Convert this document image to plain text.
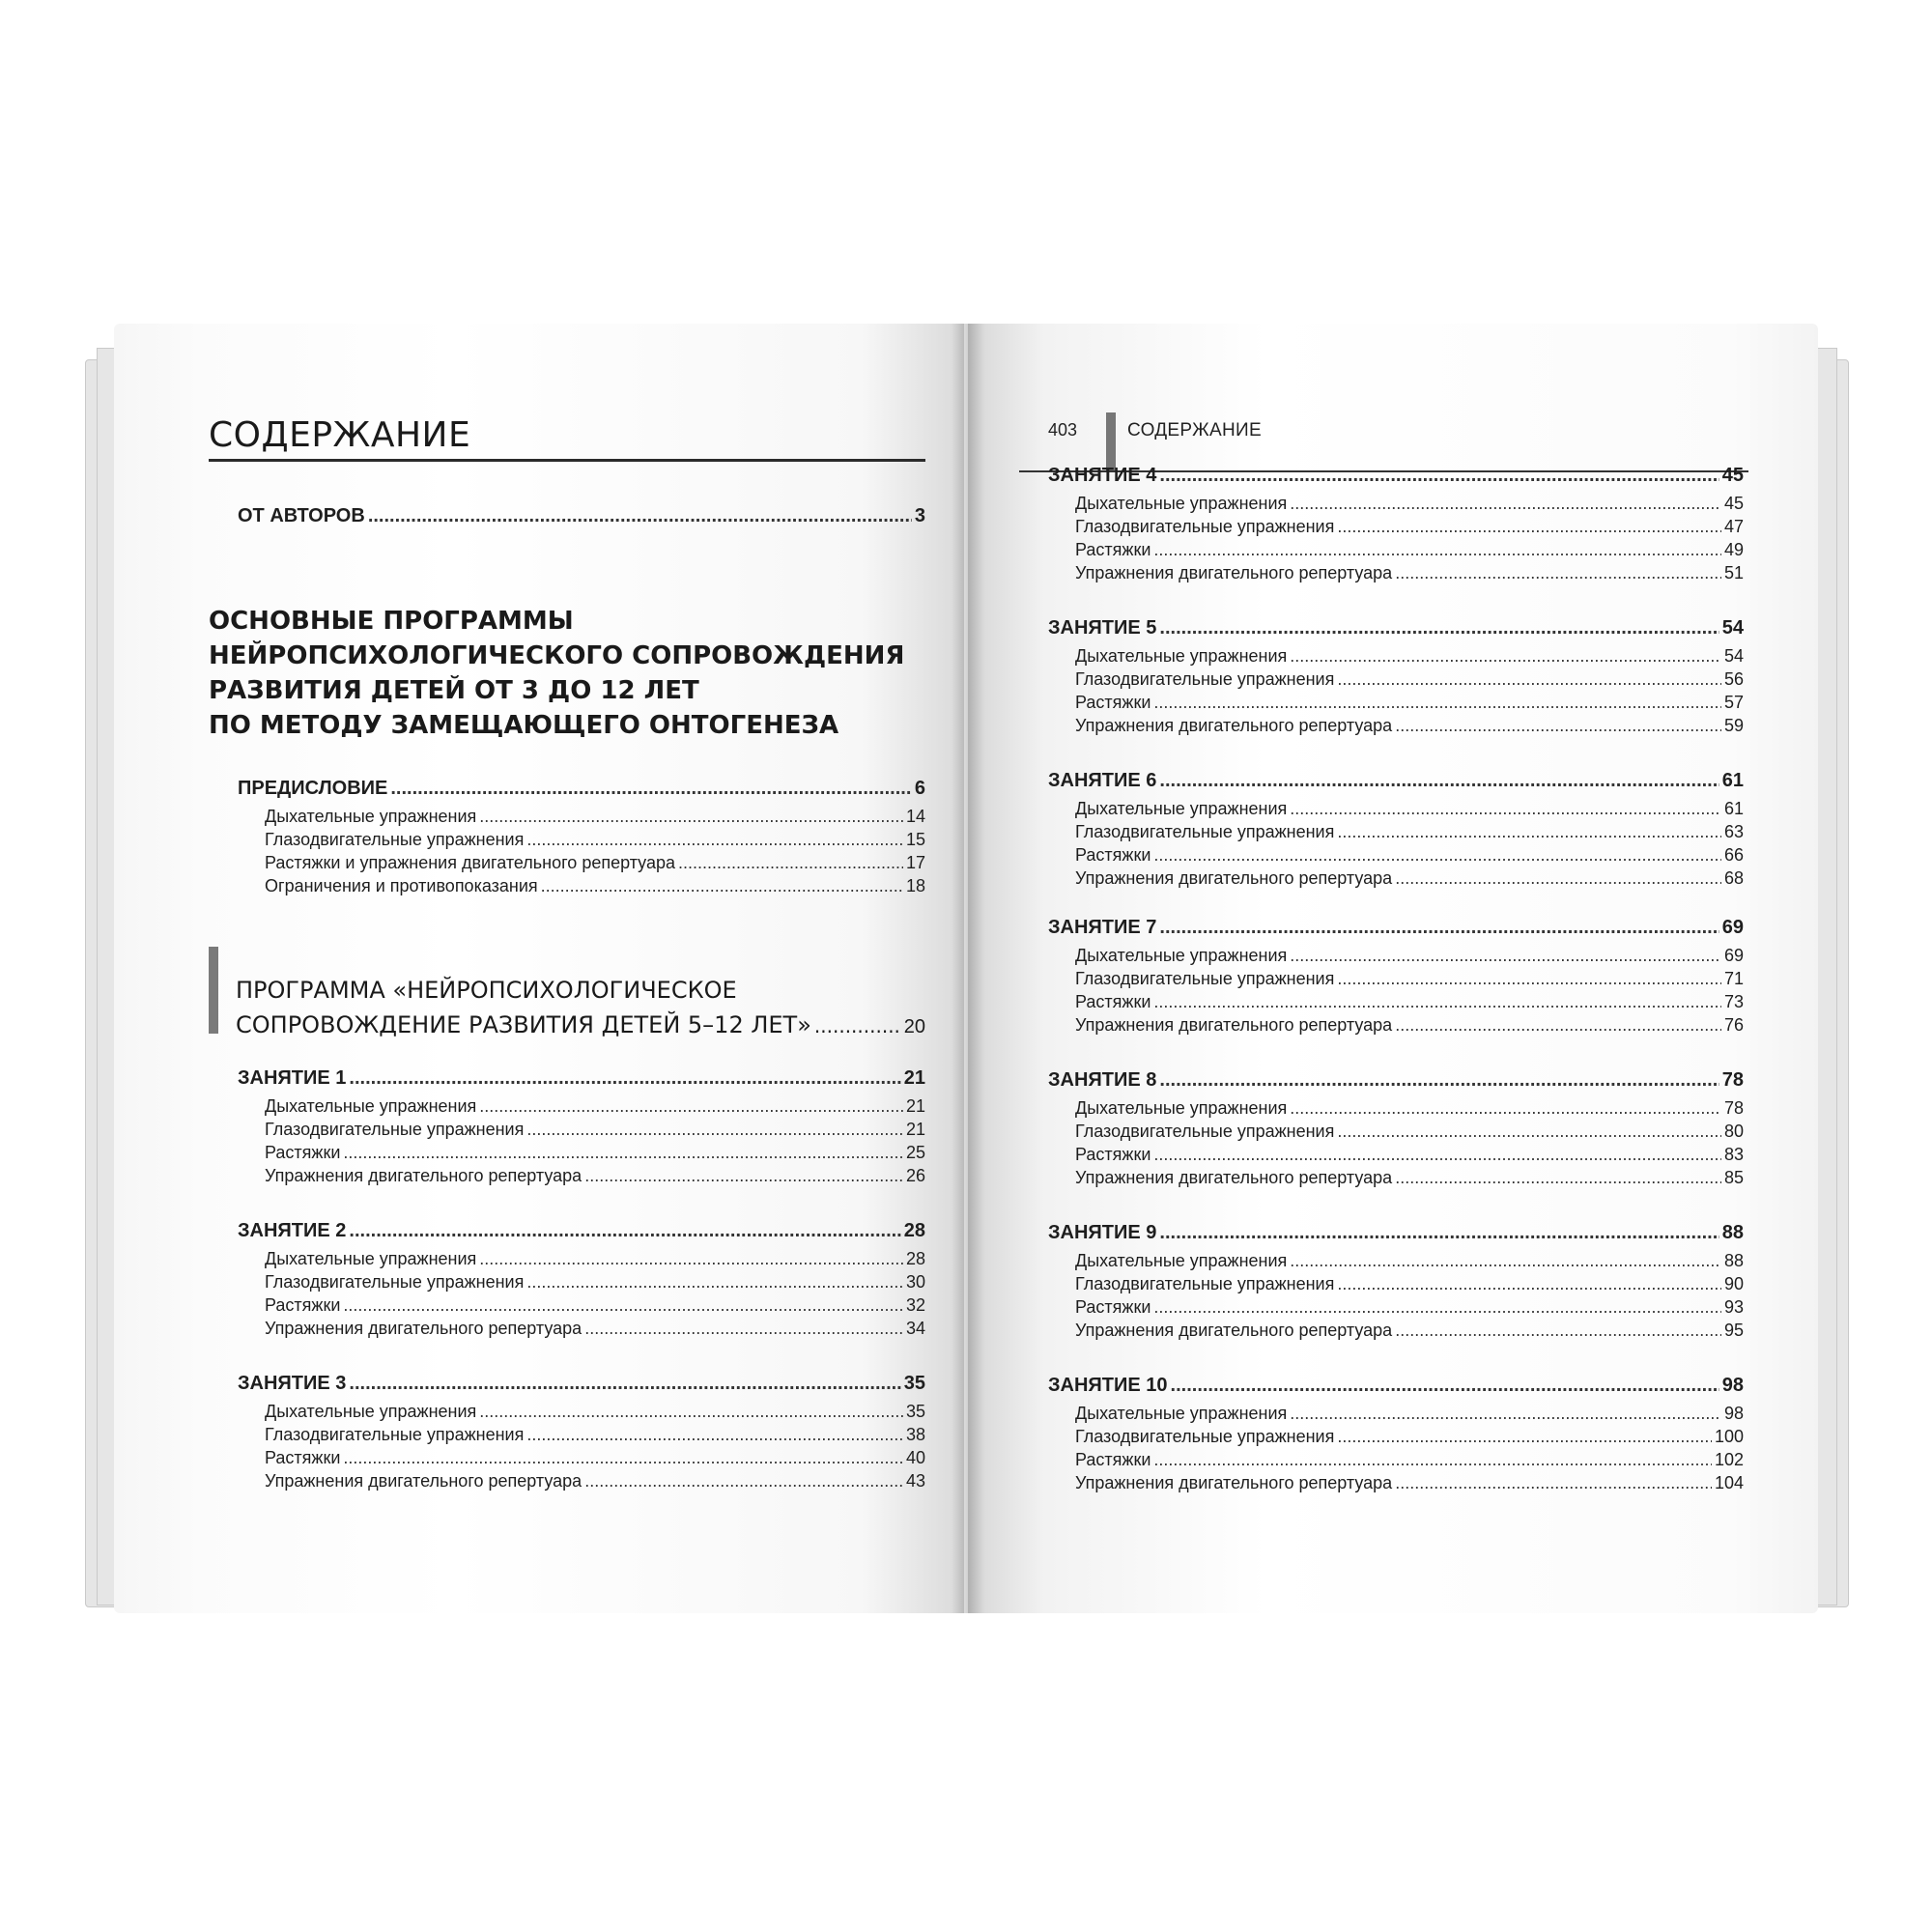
СОДЕРЖАНИЕ
ОТ АВТОРОВ .....	3
ОСНОВНЫЕ ПРОГРАММЫ
НЕЙРОПСИХОЛОГИЧЕСКОГО СОПРОВОЖДЕНИЯ
РАЗВИТИЯ ДЕТЕЙ ОТ 3 ДО 12 ЛЕТ
ПО МЕТОДУ ЗАМЕЩАЮЩЕГО ОНТОГЕНЕЗА
ПРЕДИСЛОВИЕ .....	6
Дыхательные упражнения .....	14
Глазодвигательные упражнения .....	15
Растяжки и упражнения двигательного репертуара .....	17
Ограничения и противопоказания .....	18
ПРОГРАММА «НЕЙРОПСИХОЛОГИЧЕСКОЕ
СОПРОВОЖДЕНИЕ РАЗВИТИЯ ДЕТЕЙ 5–12 ЛЕТ» .....	20
ЗАНЯТИЕ 1 .....	21
Дыхательные упражнения .....	21
Глазодвигательные упражнения .....	21
Растяжки .....	25
Упражнения двигательного репертуара .....	26
ЗАНЯТИЕ 2 .....	28
Дыхательные упражнения .....	28
Глазодвигательные упражнения .....	30
Растяжки .....	32
Упражнения двигательного репертуара .....	34
ЗАНЯТИЕ 3 .....	35
Дыхательные упражнения .....	35
Глазодвигательные упражнения .....	38
Растяжки .....	40
Упражнения двигательного репертуара .....	43
403	СОДЕРЖАНИЕ
ЗАНЯТИЕ 4 .....	45
Дыхательные упражнения .....	45
Глазодвигательные упражнения .....	47
Растяжки .....	49
Упражнения двигательного репертуара .....	51
ЗАНЯТИЕ 5 .....	54
Дыхательные упражнения .....	54
Глазодвигательные упражнения .....	56
Растяжки .....	57
Упражнения двигательного репертуара .....	59
ЗАНЯТИЕ 6 .....	61
Дыхательные упражнения .....	61
Глазодвигательные упражнения .....	63
Растяжки .....	66
Упражнения двигательного репертуара .....	68
ЗАНЯТИЕ 7 .....	69
Дыхательные упражнения .....	69
Глазодвигательные упражнения .....	71
Растяжки .....	73
Упражнения двигательного репертуара .....	76
ЗАНЯТИЕ 8 .....	78
Дыхательные упражнения .....	78
Глазодвигательные упражнения .....	80
Растяжки .....	83
Упражнения двигательного репертуара .....	85
ЗАНЯТИЕ 9 .....	88
Дыхательные упражнения .....	88
Глазодвигательные упражнения .....	90
Растяжки .....	93
Упражнения двигательного репертуара .....	95
ЗАНЯТИЕ 10 .....	98
Дыхательные упражнения .....	98
Глазодвигательные упражнения .....	100
Растяжки .....	102
Упражнения двигательного репертуара .....	104
